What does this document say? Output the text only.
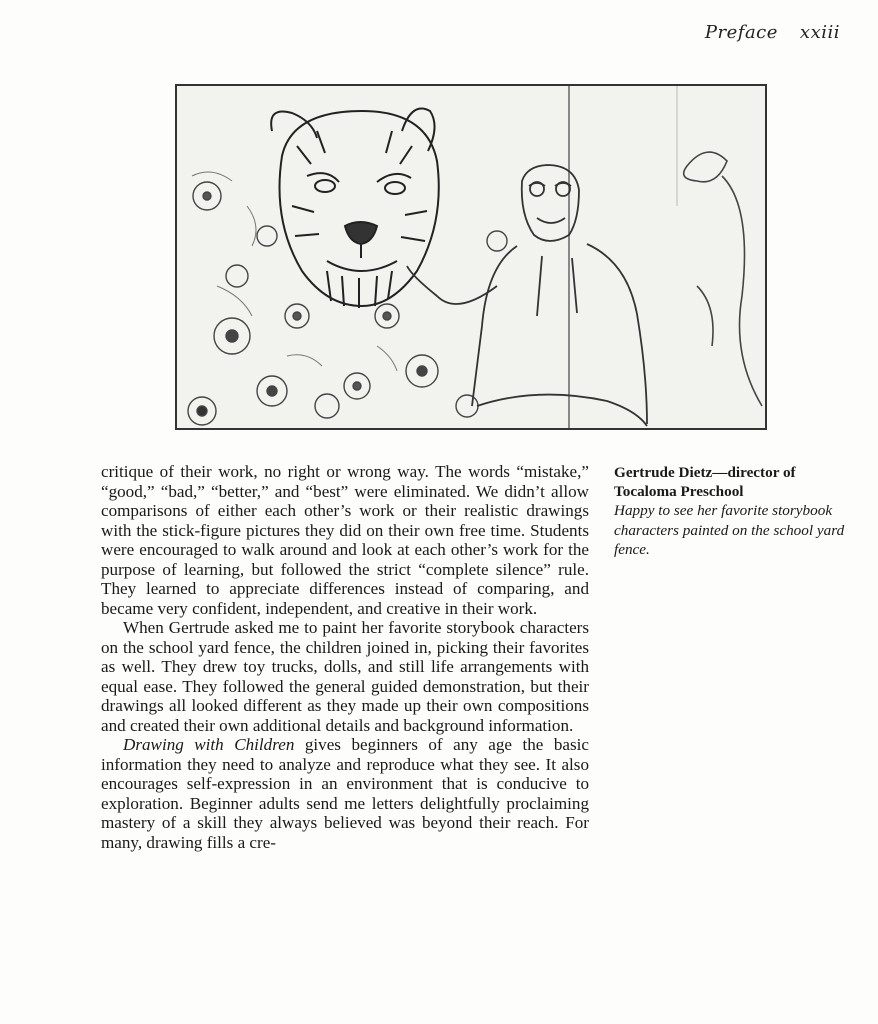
Preface xxiii

critique of their work, no right or wrong way. The words “mistake,” “good,” “bad,” “better,” and “best” were eliminated. We didn’t allow comparisons of either each other’s work or their realistic drawings with the stick-figure pictures they did on their own free time. Students were encouraged to walk around and look at each other’s work for the purpose of learning, but followed the strict “complete silence” rule. They learned to appreciate differences instead of comparing, and became very confident, independent, and creative in their work.

When Gertrude asked me to paint her favorite storybook characters on the school yard fence, the children joined in, picking their favorites as well. They drew toy trucks, dolls, and still life arrangements with equal ease. They followed the general guided demonstration, but their drawings all looked different as they made up their own compositions and created their own additional details and background information.

Drawing with Children gives beginners of any age the basic information they need to analyze and reproduce what they see. It also encourages self-expression in an environment that is conducive to exploration. Beginner adults send me letters delightfully proclaiming mastery of a skill they always believed was beyond their reach. For many, drawing fills a cre-

Gertrude Dietz—director of
Tocaloma Preschool
Happy to see her favorite storybook characters painted on the school yard fence.
